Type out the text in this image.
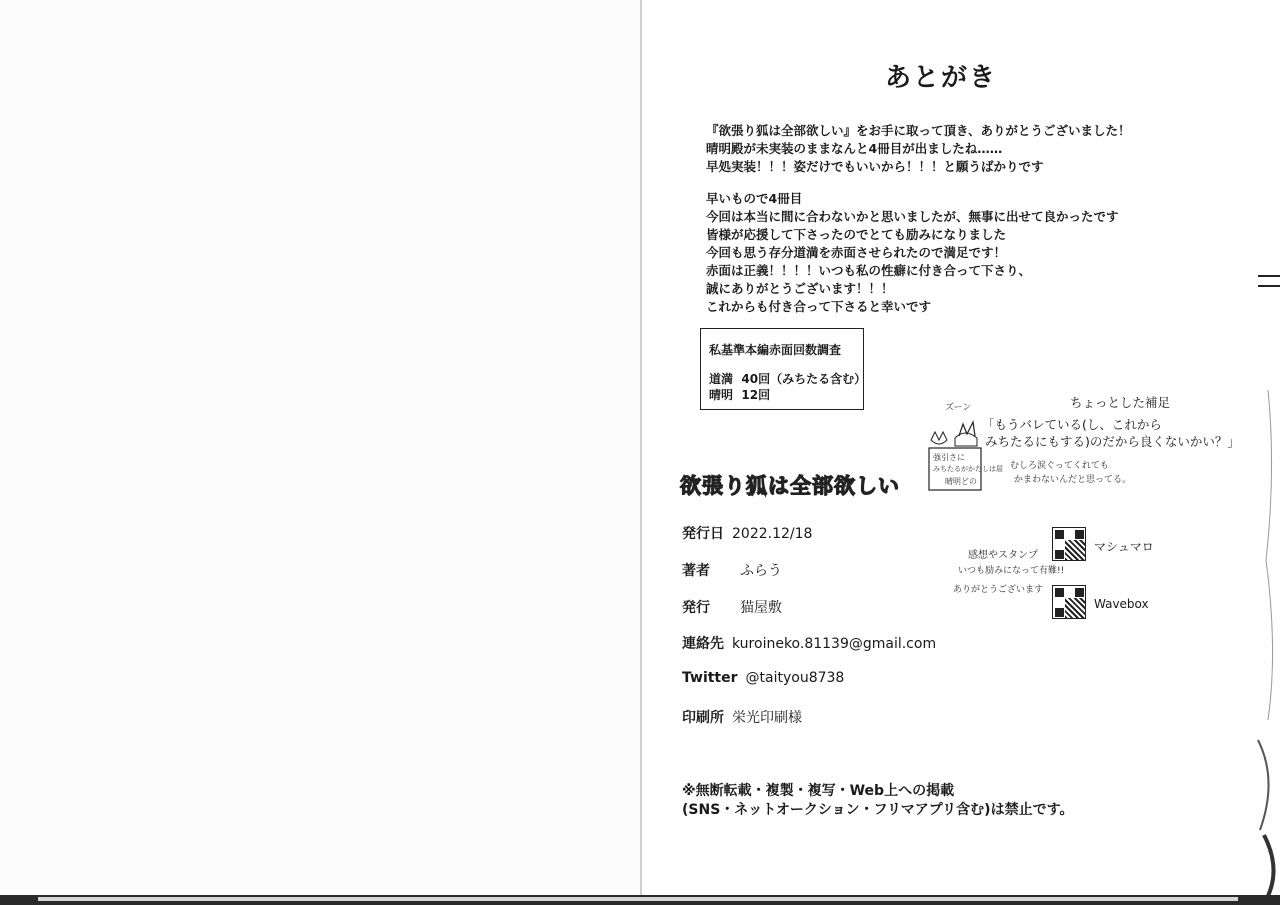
あとがき
『欲張り狐は全部欲しい』をお手に取って頂き、ありがとうございました！
晴明殿が未実装のままなんと4冊目が出ましたね……
早処実装！！！姿だけでもいいから！！！と願うばかりです
早いもので4冊目
今回は本当に間に合わないかと思いましたが、無事に出せて良かったです
皆様が応援して下さったのでとても励みになりました
今回も思う存分道満を赤面させられたので満足です！
赤面は正義！！！！いつも私の性癖に付き合って下さり、
誠にありがとうございます！！！
これからも付き合って下さると幸いです
私基準本編赤面回数調査
道満 40回（みちたる含む）
晴明 12回	ちょっとした補足
「もうバレている(し、これから
みちたるにもする)のだから良くないかい？」
むしろ涙ぐってくれても
かまわないんだと思ってる。
ズーン
強引さに
みちたるがかたしは屈
晴明どの
欲張り狐は全部欲しい
発行日 2022.12/18
著者 ふらう
発行 猫屋敷
連絡先 kuroineko.81139@gmail.com
Twitter @taityou8738
印刷所 栄光印刷様
感想やスタンプ
いつも励みになって有難!!
ありがとうございます
マシュマロ
Wavebox
※無断転載・複製・複写・Web上への掲載
(SNS・ネットオークション・フリマアプリ含む)は禁止です。
